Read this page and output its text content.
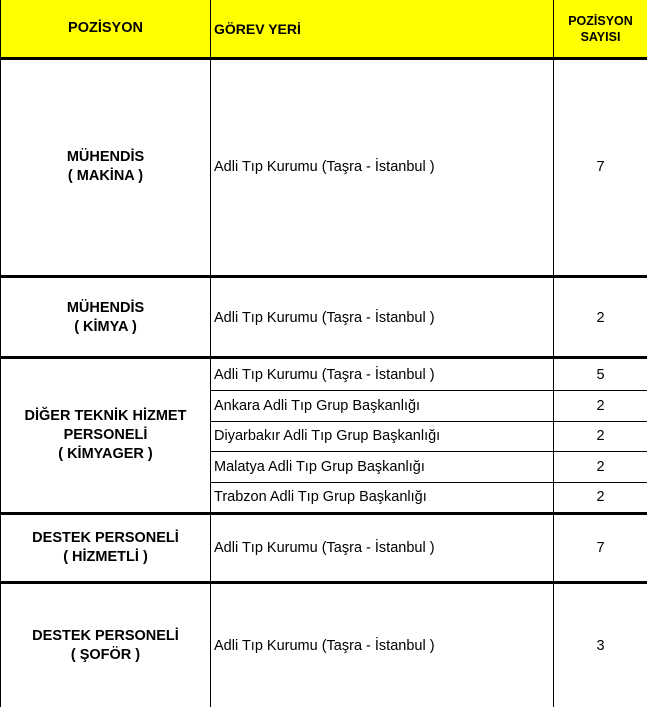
POZİSYON	GÖREV YERİ	POZİSYON
SAYISI
MÜHENDİS
( MAKİNA )
Adli Tıp Kurumu (Taşra - İstanbul )	7
MÜHENDİS
( KİMYA )
Adli Tıp Kurumu (Taşra - İstanbul )	2
DİĞER TEKNİK HİZMET
PERSONELİ
( KİMYAGER )
Adli Tıp Kurumu (Taşra - İstanbul )	5
Ankara Adli Tıp Grup Başkanlığı	2
Diyarbakır Adli Tıp Grup Başkanlığı	2
Malatya Adli Tıp Grup Başkanlığı	2
Trabzon Adli Tıp Grup Başkanlığı	2
DESTEK PERSONELİ
( HİZMETLİ )
Adli Tıp Kurumu (Taşra - İstanbul )	7
DESTEK PERSONELİ
( ŞOFÖR )
Adli Tıp Kurumu (Taşra - İstanbul )	3
